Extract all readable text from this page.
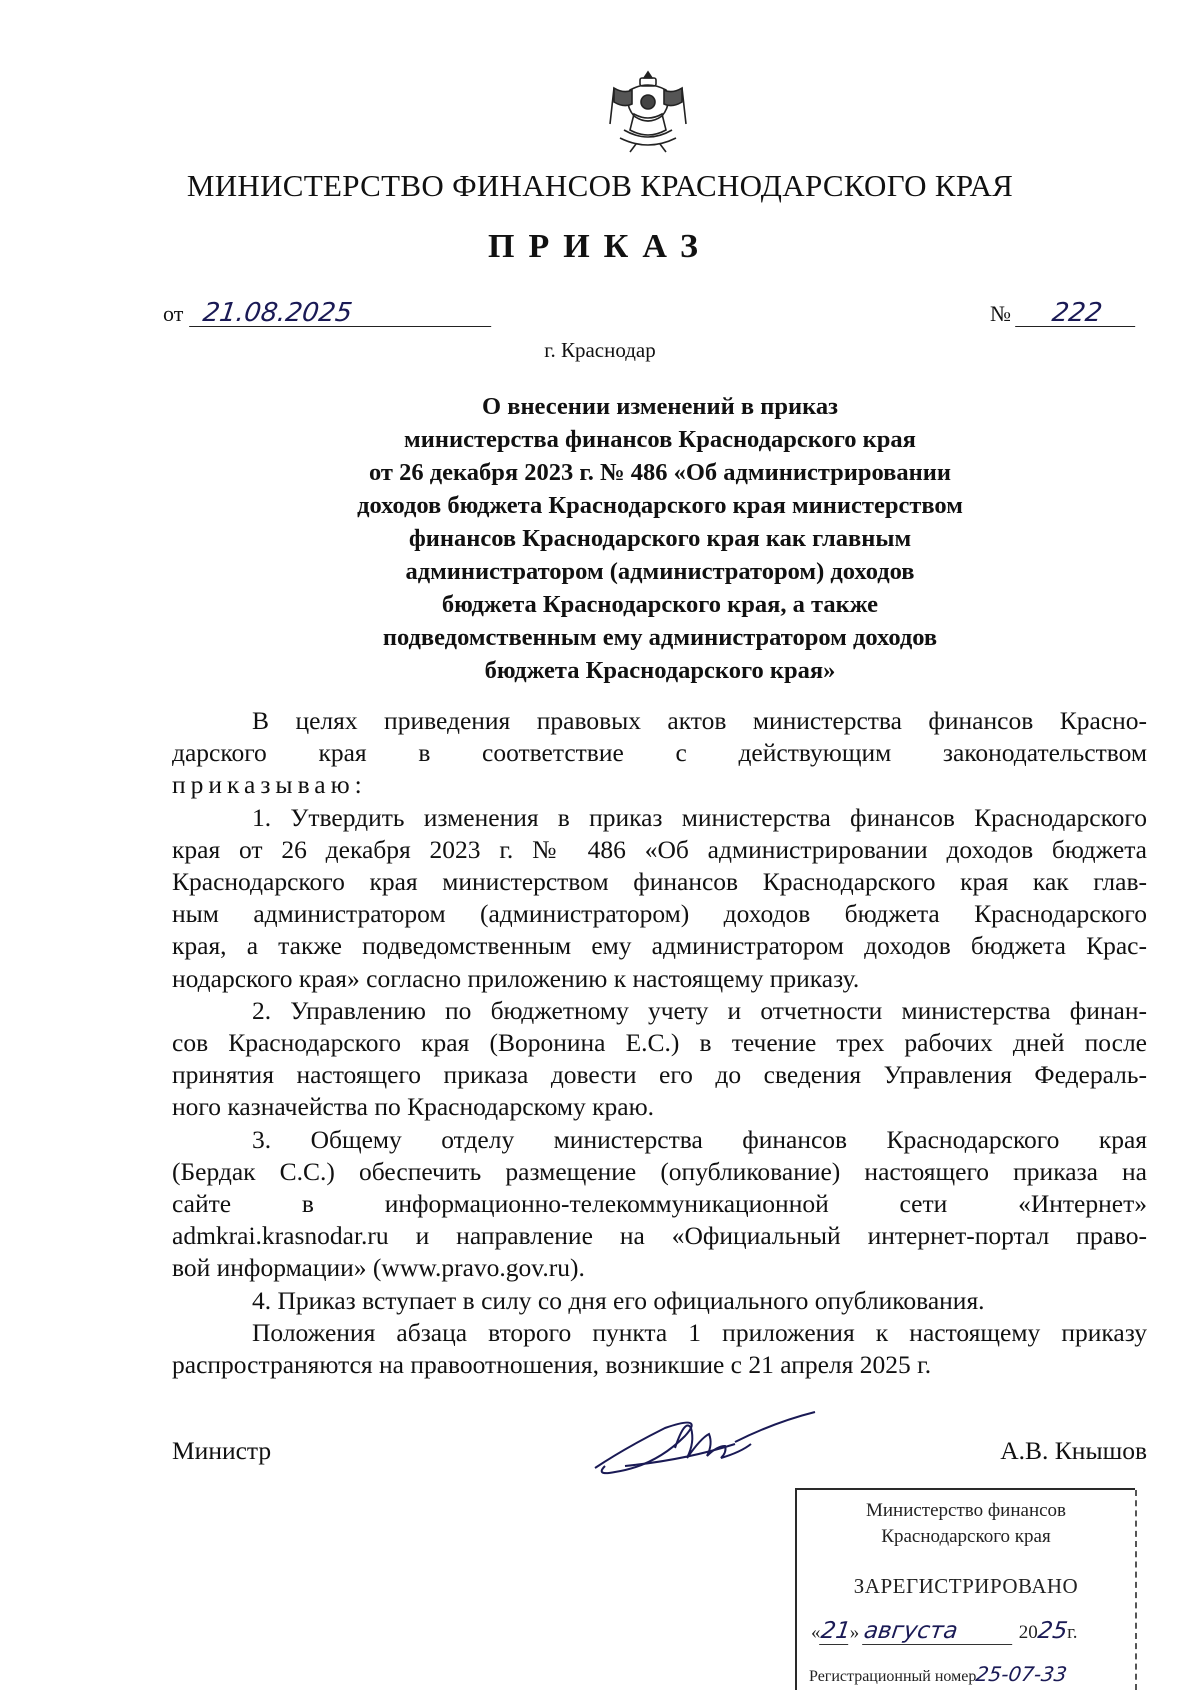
МИНИСТЕРСТВО ФИНАНСОВ КРАСНОДАРСКОГО КРАЯ
ПРИКАЗ
от 21.08.2025	№ 222
г. Краснодар
О внесении изменений в приказ
министерства финансов Краснодарского края
от 26 декабря 2023 г. № 486 «Об администрировании
доходов бюджета Краснодарского края министерством
финансов Краснодарского края как главным
администратором (администратором) доходов
бюджета Краснодарского края, а также
подведомственным ему администратором доходов
бюджета Краснодарского края»
В целях приведения правовых актов министерства финансов Красно-
дарского края в соответствие с действующим законодательством
приказываю:
1. Утвердить изменения в приказ министерства финансов Краснодарского
края от 26 декабря 2023 г. № 486 «Об администрировании доходов бюджета
Краснодарского края министерством финансов Краснодарского края как глав-
ным администратором (администратором) доходов бюджета Краснодарского
края, а также подведомственным ему администратором доходов бюджета Крас-
нодарского края» согласно приложению к настоящему приказу.
2. Управлению по бюджетному учету и отчетности министерства финан-
сов Краснодарского края (Воронина Е.С.) в течение трех рабочих дней после
принятия настоящего приказа довести его до сведения Управления Федераль-
ного казначейства по Краснодарскому краю.
3. Общему отделу министерства финансов Краснодарского края
(Бердак С.С.) обеспечить размещение (опубликование) настоящего приказа на
сайте в информационно-телекоммуникационной сети «Интернет»
admkrai.krasnodar.ru и направление на «Официальный интернет-портал право-
вой информации» (www.pravo.gov.ru).
4. Приказ вступает в силу со дня его официального опубликования.
Положения абзаца второго пункта 1 приложения к настоящему приказу
распространяются на правоотношения, возникшие с 21 апреля 2025 г.
Министр	А.В. Кнышов
Министерство финансов
Краснодарского края
ЗАРЕГИСТРИРОВАНО
«21» августа	2025г.
Регистрационный номер25-07-33
